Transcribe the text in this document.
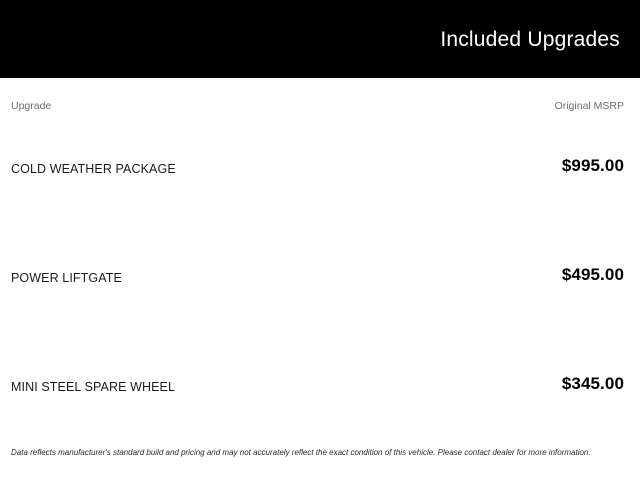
Included Upgrades
Upgrade	Original MSRP
COLD WEATHER PACKAGE	$995.00
POWER LIFTGATE	$495.00
MINI STEEL SPARE WHEEL	$345.00
Data reflects manufacturer's standard build and pricing and may not accurately reflect the exact condition of this vehicle. Please contact dealer for more information.
